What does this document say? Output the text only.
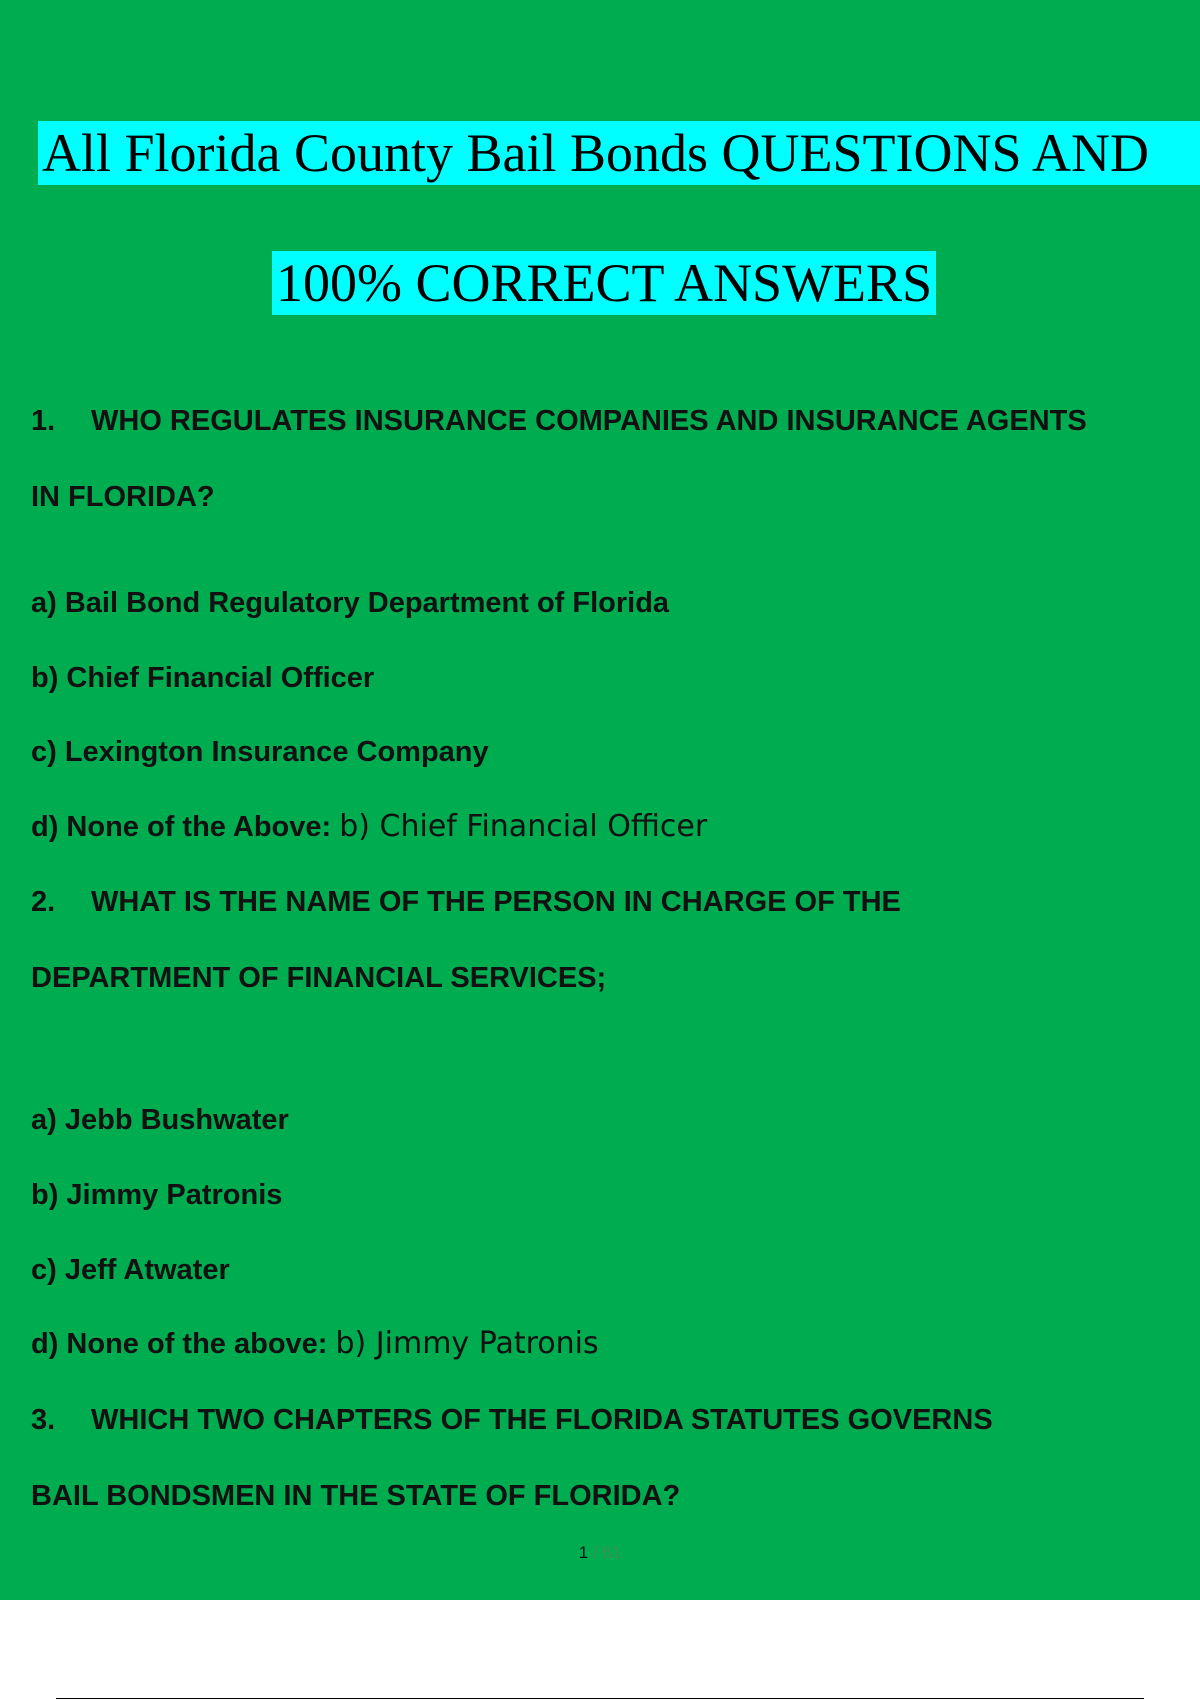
All Florida County Bail Bonds QUESTIONS AND
100% CORRECT ANSWERS
1. WHO REGULATES INSURANCE COMPANIES AND INSURANCE AGENTS
IN FLORIDA?
a) Bail Bond Regulatory Department of Florida
b) Chief Financial Officer
c) Lexington Insurance Company
d) None of the Above: b) Chief Financial Officer
2. WHAT IS THE NAME OF THE PERSON IN CHARGE OF THE
DEPARTMENT OF FINANCIAL SERVICES;
a) Jebb Bushwater
b) Jimmy Patronis
c) Jeff Atwater
d) None of the above: b) Jimmy Patronis
3. WHICH TWO CHAPTERS OF THE FLORIDA STATUTES GOVERNS
BAIL BONDSMEN IN THE STATE OF FLORIDA?
1 / 61
